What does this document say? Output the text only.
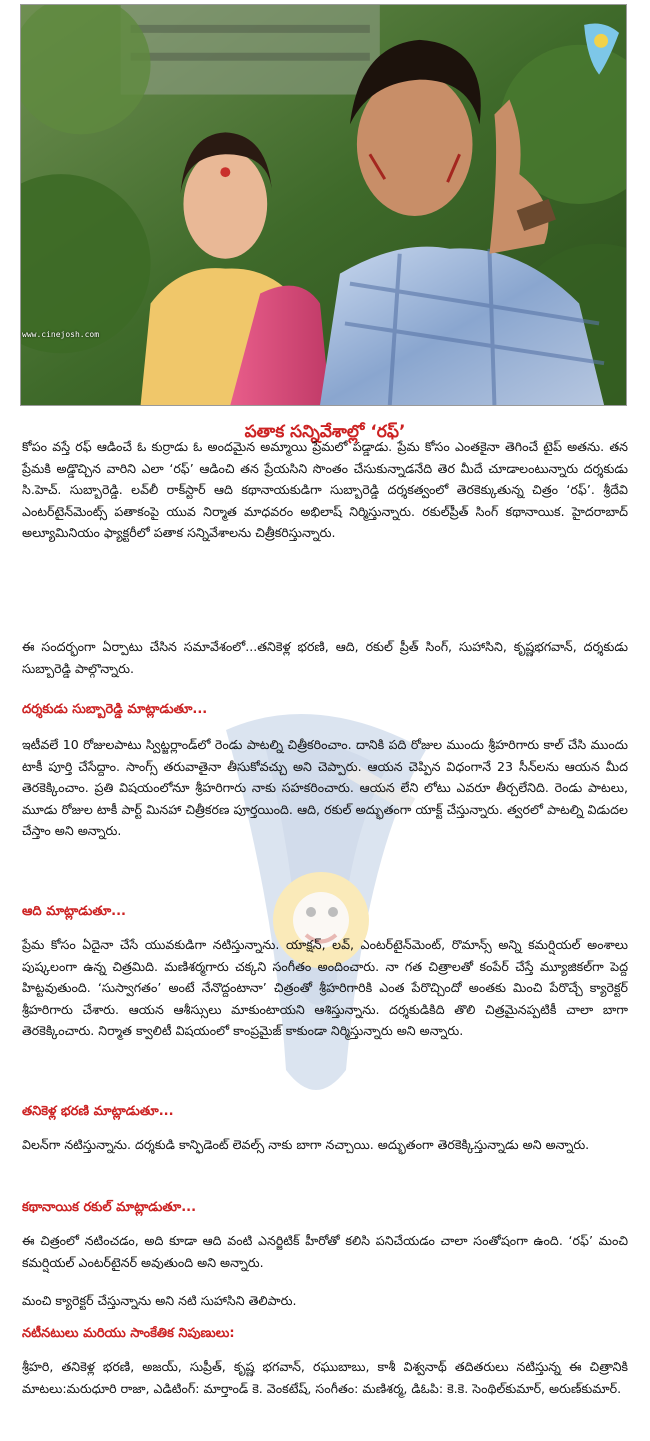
www.cinejosh.com
పతాక సన్నివేశాల్లో ‘రఫ్‌’

కోపం వస్తే రఫ్‌ ఆడించే ఓ కుర్రాడు ఓ అందమైన అమ్మాయి ప్రేమలో పడ్డాడు. ప్రేమ కోసం ఎంతకైనా తెగించే టైప్‌ అతను. తన ప్రేమకి అడ్డొచ్చిన వారిని ఎలా ‘రఫ్‌’ ఆడించి తన ప్రేయసిని సొంతం చేసుకున్నాడనేది తెర మీదే చూడాలంటున్నారు దర్శకుడు సి.హెచ్‌. సుబ్బారెడ్డి. లవ్‌లీ రాక్‌స్టార్‌ ఆది కథానాయకుడిగా సుబ్బారెడ్డి దర్శకత్వంలో తెరకెక్కుతున్న చిత్రం ‘రఫ్‌’. శ్రీదేవి ఎంటర్‌టైన్‌మెంట్స్‌ పతాకంపై యువ నిర్మాత మాధవరం అభిలాష్‌ నిర్మిస్తున్నారు. రకుల్‌ప్రీత్‌ సింగ్‌ కథానాయిక. హైదరాబాద్‌ అల్యూమినియం ఫ్యాక్టరీలో పతాక సన్నివేశాలను చిత్రీకరిస్తున్నారు.

ఈ సందర్భంగా ఏర్పాటు చేసిన సమావేశంలో...తనికెళ్ల భరణి, ఆది, రకుల్‌ ప్రీత్‌ సింగ్‌, సుహాసిని, కృష్ణభగవాన్‌, దర్శకుడు సుబ్బారెడ్డి పాల్గొన్నారు.

దర్శకుడు సుబ్బారెడ్డి మాట్లాడుతూ...

ఇటీవలే 10 రోజులపాటు స్విట్జర్లాండ్‌లో రెండు పాటల్ని చిత్రీకరించాం. దానికి పది రోజుల ముందు శ్రీహరిగారు కాల్‌ చేసి ముందు టాకీ పూర్తి చేసేద్దాం. సాంగ్స్‌ తరువాతైనా తీసుకోవచ్చు అని చెప్పారు. ఆయన చెప్పిన విధంగానే 23 సీన్‌లను ఆయన మీద తెరకెక్కించాం. ప్రతి విషయంలోనూ శ్రీహరిగారు నాకు సహకరించారు. ఆయన లేని లోటు ఎవరూ తీర్చలేనిది. రెండు పాటలు, మూడు రోజుల టాకీ పార్ట్‌ మినహా చిత్రీకరణ పూర్తయింది. ఆది, రకుల్‌ అద్భుతంగా యాక్ట్‌ చేస్తున్నారు. త్వరలో పాటల్ని విడుదల చేస్తాం అని అన్నారు.

ఆది మాట్లాడుతూ...

ప్రేమ కోసం ఏదైనా చేసే యువకుడిగా నటిస్తున్నాను. యాక్షన్‌, లవ్‌, ఎంటర్‌టైన్‌మెంట్‌, రొమాన్స్‌ అన్ని కమర్షియల్‌ అంశాలు పుష్కలంగా ఉన్న చిత్రమిది. మణిశర్మగారు చక్కని సంగీతం అందించారు. నా గత చిత్రాలతో కంపేర్‌ చేస్తే మ్యూజికల్‌గా పెద్ద హిట్టవుతుంది. ‘సుస్వాగతం’ అంటే నేనొద్దంటానా’ చిత్రంతో శ్రీహరిగారికి ఎంత పేరొచ్చిందో అంతకు మించి పేరొచ్చే క్యారెక్టర్‌ శ్రీహరిగారు చేశారు. ఆయన ఆశీస్సులు మాకుంటాయని ఆశిస్తున్నాను. దర్శకుడికిది తొలి చిత్రమైనప్పటికీ చాలా బాగా తెరకెక్కించారు. నిర్మాత క్వాలిటీ విషయంలో కాంప్రమైజ్‌ కాకుండా నిర్మిస్తున్నారు అని అన్నారు.

తనికెళ్ల భరణి మాట్లాడుతూ...

విలన్‌గా నటిస్తున్నాను. దర్శకుడి కాన్ఫిడెంట్‌ లెవల్స్‌ నాకు బాగా నచ్చాయి. అద్భుతంగా తెరకెక్కిస్తున్నాడు అని అన్నారు.

కథానాయిక రకుల్‌ మాట్లాడుతూ...

ఈ చిత్రంలో నటించడం, అది కూడా ఆది వంటి ఎనర్జిటిక్‌ హీరోతో కలిసి పనిచేయడం చాలా సంతోషంగా ఉంది. ‘రఫ్‌’ మంచి కమర్షియల్‌ ఎంటర్‌టైనర్‌ అవుతుంది అని అన్నారు.

మంచి క్యారెక్టర్‌ చేస్తున్నాను అని నటి సుహాసిని తెలిపారు.

నటీనటులు మరియు సాంకేతిక నిపుణులు:

శ్రీహరి, తనికెళ్ల భరణి, అజయ్‌, సుప్రీత్‌, కృష్ణ భగవాన్‌, రఘుబాబు, కాశీ విశ్వనాథ్‌ తదితరులు నటిస్తున్న ఈ చిత్రానికి మాటలు:మరుధూరి రాజా, ఎడిటింగ్‌: మార్తాండ్‌ కె. వెంకటేష్‌, సంగీతం: మణిశర్మ, డిఓపి: కె.కె. సెంథిల్‌కుమార్‌, అరుణ్‌కుమార్‌.
